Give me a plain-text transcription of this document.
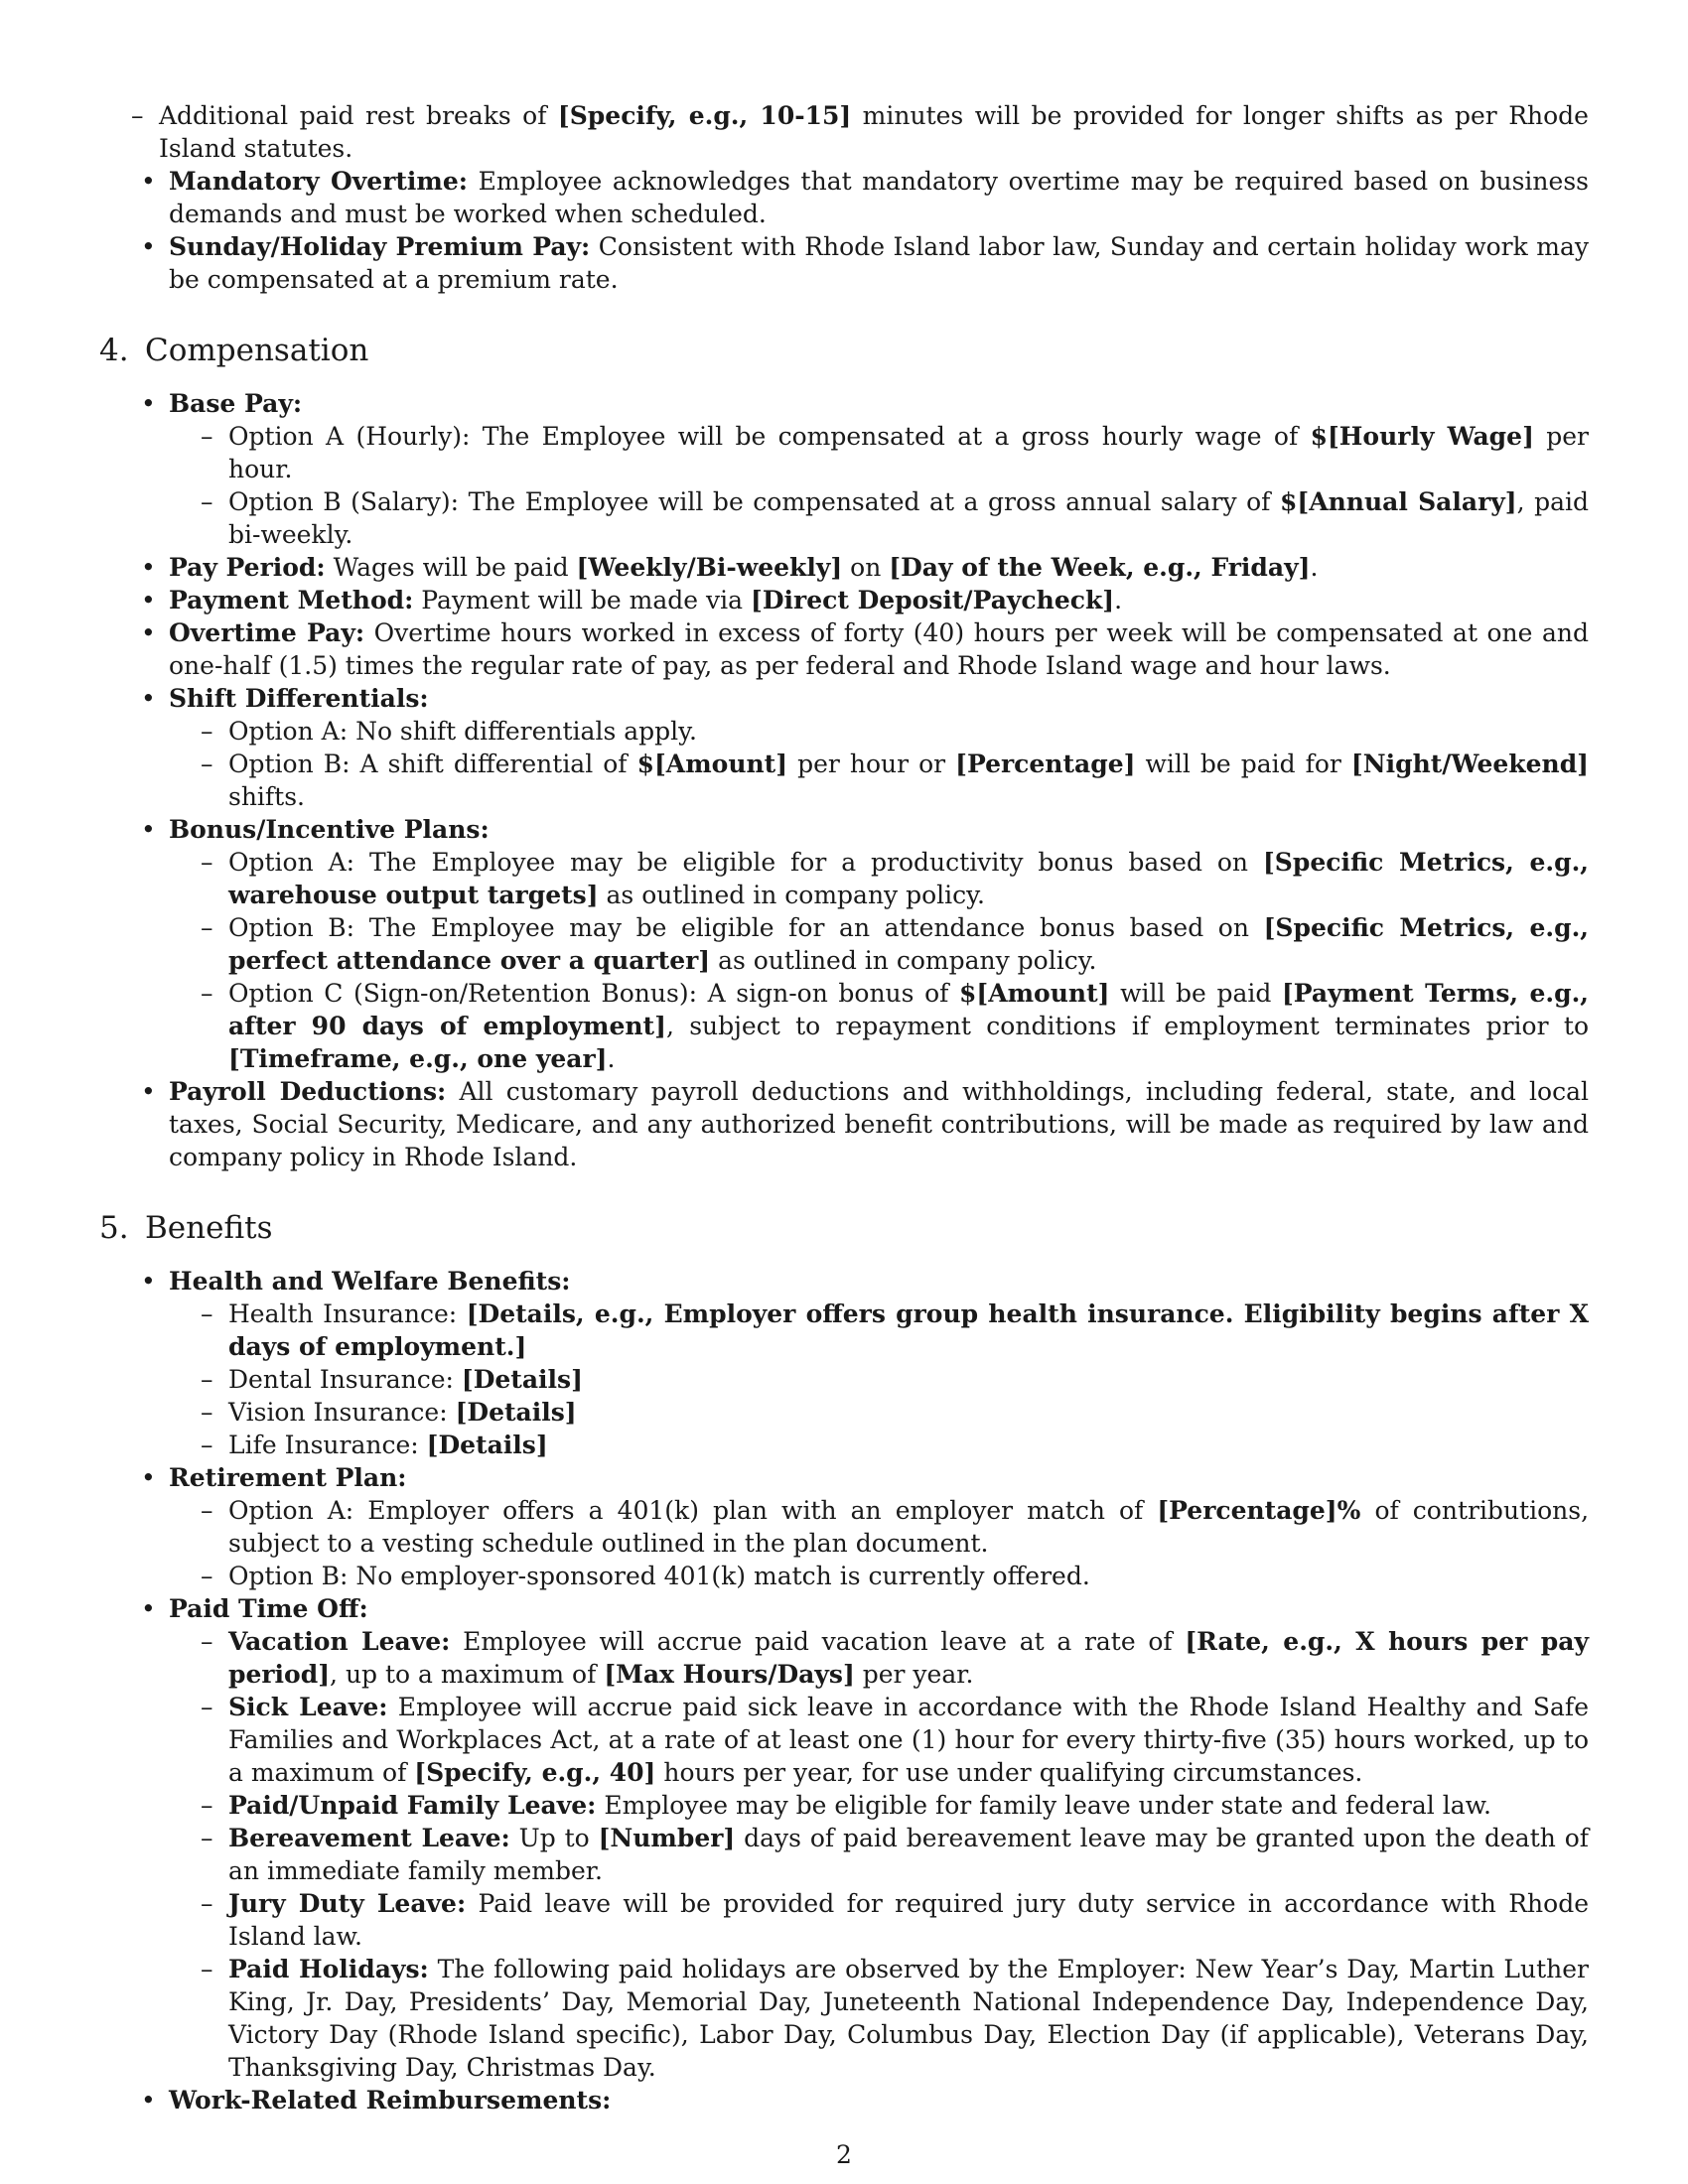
– Additional paid rest breaks of [Specify, e.g., 10-15] minutes will be provided for longer shifts as per Rhode Island statutes.
• Mandatory Overtime: Employee acknowledges that mandatory overtime may be required based on business demands and must be worked when scheduled.
• Sunday/Holiday Premium Pay: Consistent with Rhode Island labor law, Sunday and certain holiday work may be compensated at a premium rate.
4. Compensation
• Base Pay:
– Option A (Hourly): The Employee will be compensated at a gross hourly wage of $[Hourly Wage] per hour.
– Option B (Salary): The Employee will be compensated at a gross annual salary of $[Annual Salary], paid bi-weekly.
• Pay Period: Wages will be paid [Weekly/Bi-weekly] on [Day of the Week, e.g., Friday].
• Payment Method: Payment will be made via [Direct Deposit/Paycheck].
• Overtime Pay: Overtime hours worked in excess of forty (40) hours per week will be compensated at one and one-half (1.5) times the regular rate of pay, as per federal and Rhode Island wage and hour laws.
• Shift Differentials:
– Option A: No shift differentials apply.
– Option B: A shift differential of $[Amount] per hour or [Percentage] will be paid for [Night/Weekend] shifts.
• Bonus/Incentive Plans:
– Option A: The Employee may be eligible for a productivity bonus based on [Specific Metrics, e.g., warehouse output targets] as outlined in company policy.
– Option B: The Employee may be eligible for an attendance bonus based on [Specific Metrics, e.g., perfect attendance over a quarter] as outlined in company policy.
– Option C (Sign-on/Retention Bonus): A sign-on bonus of $[Amount] will be paid [Payment Terms, e.g., after 90 days of employment], subject to repayment conditions if employment terminates prior to [Timeframe, e.g., one year].
• Payroll Deductions: All customary payroll deductions and withholdings, including federal, state, and local taxes, Social Security, Medicare, and any authorized benefit contributions, will be made as required by law and company policy in Rhode Island.
5. Benefits
• Health and Welfare Benefits:
– Health Insurance: [Details, e.g., Employer offers group health insurance. Eligibility begins after X days of employment.]
– Dental Insurance: [Details]
– Vision Insurance: [Details]
– Life Insurance: [Details]
• Retirement Plan:
– Option A: Employer offers a 401(k) plan with an employer match of [Percentage]% of contributions, subject to a vesting schedule outlined in the plan document.
– Option B: No employer-sponsored 401(k) match is currently offered.
• Paid Time Off:
– Vacation Leave: Employee will accrue paid vacation leave at a rate of [Rate, e.g., X hours per pay period], up to a maximum of [Max Hours/Days] per year.
– Sick Leave: Employee will accrue paid sick leave in accordance with the Rhode Island Healthy and Safe Families and Workplaces Act, at a rate of at least one (1) hour for every thirty-five (35) hours worked, up to a maximum of [Specify, e.g., 40] hours per year, for use under qualifying circumstances.
– Paid/Unpaid Family Leave: Employee may be eligible for family leave under state and federal law.
– Bereavement Leave: Up to [Number] days of paid bereavement leave may be granted upon the death of an immediate family member.
– Jury Duty Leave: Paid leave will be provided for required jury duty service in accordance with Rhode Island law.
– Paid Holidays: The following paid holidays are observed by the Employer: New Year’s Day, Martin Luther King, Jr. Day, Presidents’ Day, Memorial Day, Juneteenth National Independence Day, Independence Day, Victory Day (Rhode Island specific), Labor Day, Columbus Day, Election Day (if applicable), Veterans Day, Thanksgiving Day, Christmas Day.
• Work-Related Reimbursements:
2
